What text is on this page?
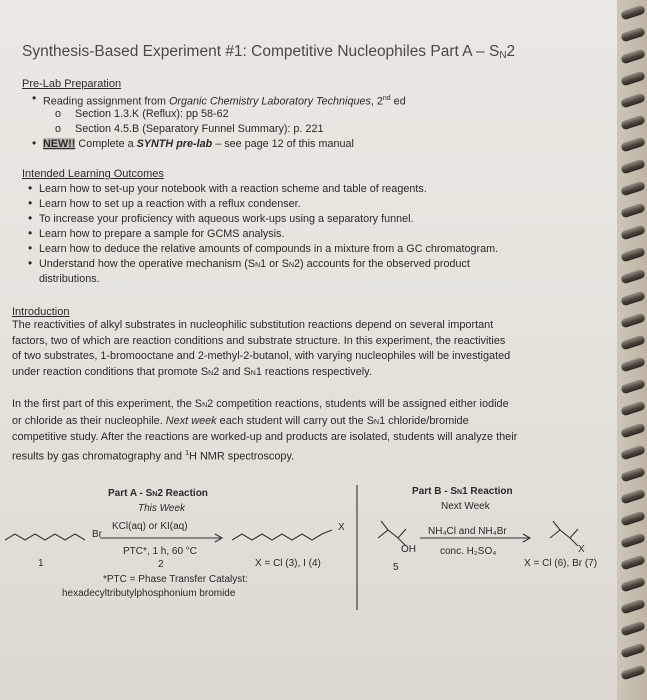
Synthesis-Based Experiment #1: Competitive Nucleophiles Part A – SN2
Pre-Lab Preparation
• Reading assignment from Organic Chemistry Laboratory Techniques, 2nd ed
o Section 1.3.K (Reflux): pp 58-62
o Section 4.5.B (Separatory Funnel Summary): p. 221
• NEW!! Complete a SYNTH pre-lab – see page 12 of this manual
Intended Learning Outcomes
• Learn how to set-up your notebook with a reaction scheme and table of reagents.
• Learn how to set up a reaction with a reflux condenser.
• To increase your proficiency with aqueous work-ups using a separatory funnel.
• Learn how to prepare a sample for GCMS analysis.
• Learn how to deduce the relative amounts of compounds in a mixture from a GC chromatogram.
• Understand how the operative mechanism (SN1 or SN2) accounts for the observed product
distributions.
Introduction
The reactivities of alkyl substrates in nucleophilic substitution reactions depend on several important
factors, two of which are reaction conditions and substrate structure. In this experiment, the reactivities
of two substrates, 1-bromooctane and 2-methyl-2-butanol, with varying nucleophiles will be investigated
under reaction conditions that promote SN2 and SN1 reactions respectively.
In the first part of this experiment, the SN2 competition reactions, students will be assigned either iodide
or chloride as their nucleophile. Next week each student will carry out the SN1 chloride/bromide
competitive study. After the reactions are worked-up and products are isolated, students will analyze their
results by gas chromatography and $^1$H NMR spectroscopy.
Part A - SN2 Reaction
This Week
KCl(aq) or KI(aq)
Br
X
PTC*, 1 h, 60 °C
1	2	X = Cl (3), I (4)
*PTC = Phase Transfer Catalyst:
hexadecyltributylphosphonium bromide
Part B - SN1 Reaction
Next Week
NH₄Cl and NH₄Br
conc. H₂SO₄
OH	X
5	X = Cl (6), Br (7)
